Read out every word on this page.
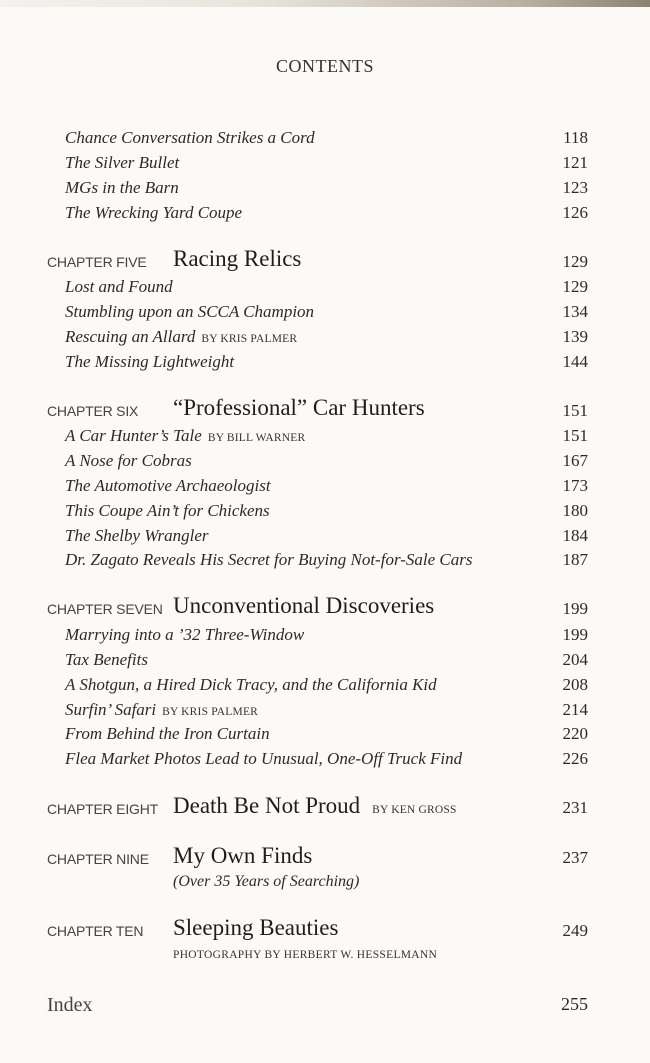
CONTENTS
Chance Conversation Strikes a Cord	118
The Silver Bullet	121
MGs in the Barn	123
The Wrecking Yard Coupe	126
CHAPTER FIVE Racing Relics	129
Lost and Found	129
Stumbling upon an SCCA Champion	134
Rescuing an Allard BY KRIS PALMER	139
The Missing Lightweight	144
CHAPTER SIX “Professional” Car Hunters	151
A Car Hunter’s Tale BY BILL WARNER	151
A Nose for Cobras	167
The Automotive Archaeologist	173
This Coupe Ain’t for Chickens	180
The Shelby Wrangler	184
Dr. Zagato Reveals His Secret for Buying Not-for-Sale Cars	187
CHAPTER SEVEN Unconventional Discoveries	199
Marrying into a ’32 Three-Window	199
Tax Benefits	204
A Shotgun, a Hired Dick Tracy, and the California Kid	208
Surfin’ Safari BY KRIS PALMER	214
From Behind the Iron Curtain	220
Flea Market Photos Lead to Unusual, One-Off Truck Find	226
CHAPTER EIGHT Death Be Not Proud BY KEN GROSS	231
CHAPTER NINE My Own Finds	237
(Over 35 Years of Searching)
CHAPTER TEN Sleeping Beauties	249
PHOTOGRAPHY BY HERBERT W. HESSELMANN
Index	255
